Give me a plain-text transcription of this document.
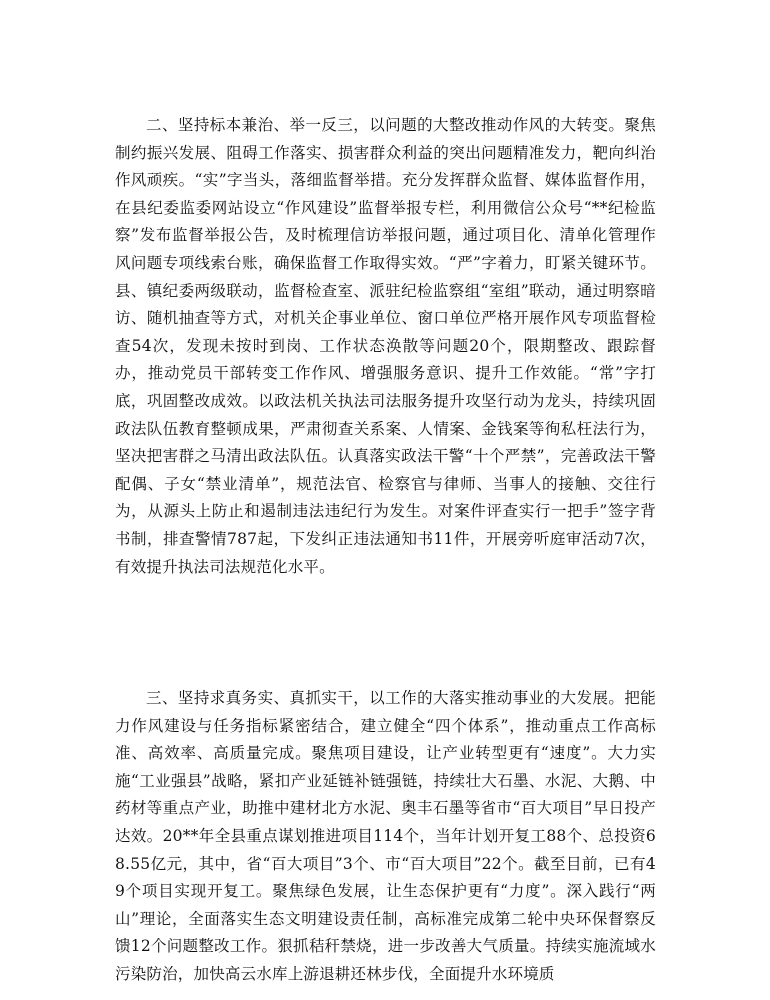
二、坚持标本兼治、举一反三，以问题的大整改推动作风的大转变。聚焦制约振兴发展、阻碍工作落实、损害群众利益的突出问题精准发力，靶向纠治作风顽疾。“实”字当头，落细监督举措。充分发挥群众监督、媒体监督作用，在县纪委监委网站设立“作风建设”监督举报专栏，利用微信公众号“**纪检监察”发布监督举报公告，及时梳理信访举报问题，通过项目化、清单化管理作风问题专项线索台账，确保监督工作取得实效。“严”字着力，盯紧关键环节。县、镇纪委两级联动，监督检查室、派驻纪检监察组“室组”联动，通过明察暗访、随机抽查等方式，对机关企事业单位、窗口单位严格开展作风专项监督检查54次，发现未按时到岗、工作状态涣散等问题20个，限期整改、跟踪督办，推动党员干部转变工作作风、增强服务意识、提升工作效能。“常”字打底，巩固整改成效。以政法机关执法司法服务提升攻坚行动为龙头，持续巩固政法队伍教育整顿成果，严肃彻查关系案、人情案、金钱案等徇私枉法行为，坚决把害群之马清出政法队伍。认真落实政法干警“十个严禁”，完善政法干警配偶、子女“禁业清单”，规范法官、检察官与律师、当事人的接触、交往行为，从源头上防止和遏制违法违纪行为发生。对案件评查实行一把手”签字背书制，排查警情787起，下发纠正违法通知书11件，开展旁听庭审活动7次，有效提升执法司法规范化水平。

三、坚持求真务实、真抓实干，以工作的大落实推动事业的大发展。把能力作风建设与任务指标紧密结合，建立健全“四个体系”，推动重点工作高标准、高效率、高质量完成。聚焦项目建设，让产业转型更有“速度”。大力实施“工业强县”战略，紧扣产业延链补链强链，持续壮大石墨、水泥、大鹅、中药材等重点产业，助推中建材北方水泥、奥丰石墨等省市“百大项目”早日投产达效。20**年全县重点谋划推进项目114个，当年计划开复工88个、总投资68.55亿元，其中，省“百大项目”3个、市“百大项目”22个。截至目前，已有49个项目实现开复工。聚焦绿色发展，让生态保护更有“力度”。深入践行“两山”理论，全面落实生态文明建设责任制，高标准完成第二轮中央环保督察反馈12个问题整改工作。狠抓秸秆禁烧，进一步改善大气质量。持续实施流域水污染防治，加快高云水库上游退耕还林步伐，全面提升水环境质
